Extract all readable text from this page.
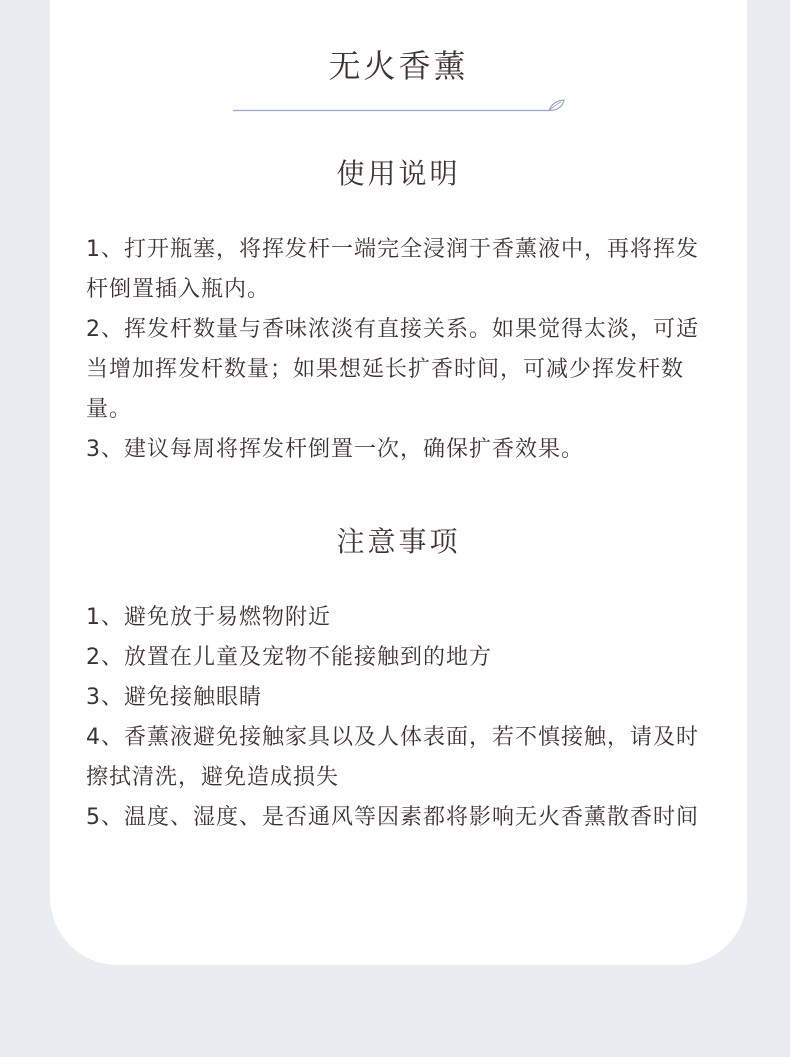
无火香薰
使用说明

1、打开瓶塞，将挥发杆一端完全浸润于香薰液中，再将挥发杆倒置插入瓶内。

2、挥发杆数量与香味浓淡有直接关系。如果觉得太淡，可适当增加挥发杆数量；如果想延长扩香时间，可减少挥发杆数量。

3、建议每周将挥发杆倒置一次，确保扩香效果。

注意事项

1、避免放于易燃物附近

2、放置在儿童及宠物不能接触到的地方

3、避免接触眼睛

4、香薰液避免接触家具以及人体表面，若不慎接触，请及时擦拭清洗，避免造成损失

5、温度、湿度、是否通风等因素都将影响无火香薰散香时间
